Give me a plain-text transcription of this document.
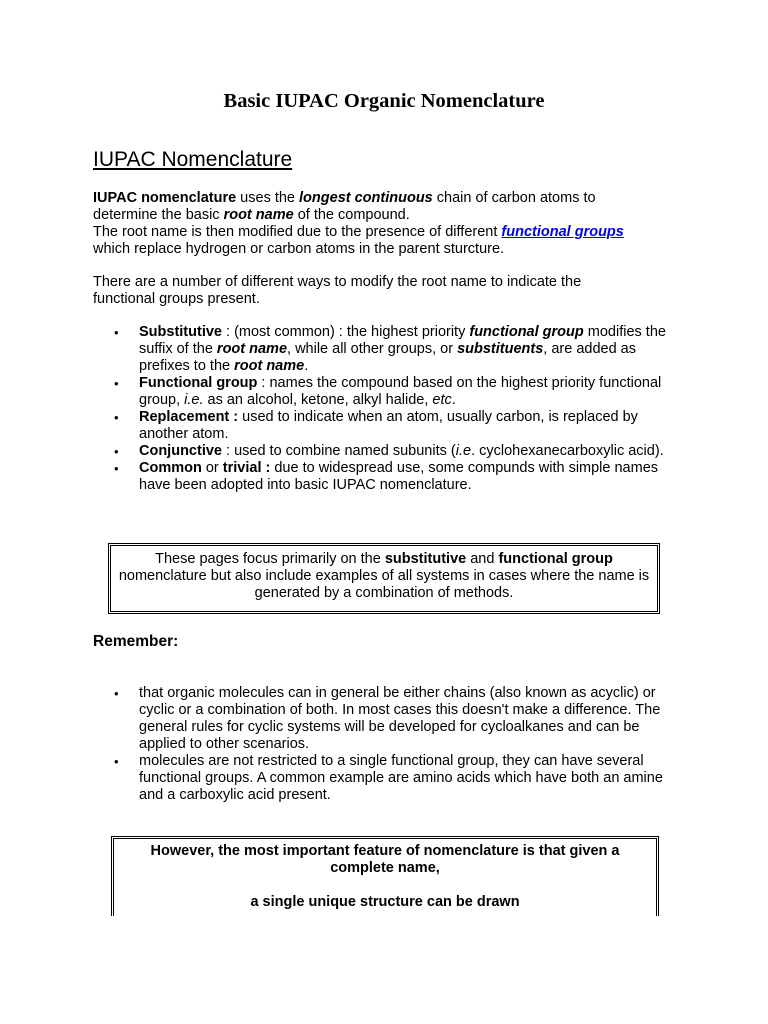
Basic IUPAC Organic Nomenclature
IUPAC Nomenclature

IUPAC nomenclature uses the longest continuous chain of carbon atoms to determine the basic root name of the compound.
The root name is then modified due to the presence of different functional groups which replace hydrogen or carbon atoms in the parent sturcture.

There are a number of different ways to modify the root name to indicate the functional groups present.

• Substitutive : (most common) : the highest priority functional group modifies the suffix of the root name, while all other groups, or substituents, are added as prefixes to the root name.
• Functional group : names the compound based on the highest priority functional group, i.e. as an alcohol, ketone, alkyl halide, etc.
• Replacement : used to indicate when an atom, usually carbon, is replaced by another atom.
• Conjunctive : used to combine named subunits (i.e. cyclohexanecarboxylic acid).
• Common or trivial : due to widespread use, some compunds with simple names have been adopted into basic IUPAC nomenclature.
These pages focus primarily on the substitutive and functional group nomenclature but also include examples of all systems in cases where the name is generated by a combination of methods.
Remember:
• that organic molecules can in general be either chains (also known as acyclic) or cyclic or a combination of both. In most cases this doesn't make a difference. The general rules for cyclic systems will be developed for cycloalkanes and can be applied to other scenarios.
• molecules are not restricted to a single functional group, they can have several functional groups. A common example are amino acids which have both an amine and a carboxylic acid present.
However, the most important feature of nomenclature is that given a complete name,
a single unique structure can be drawn
